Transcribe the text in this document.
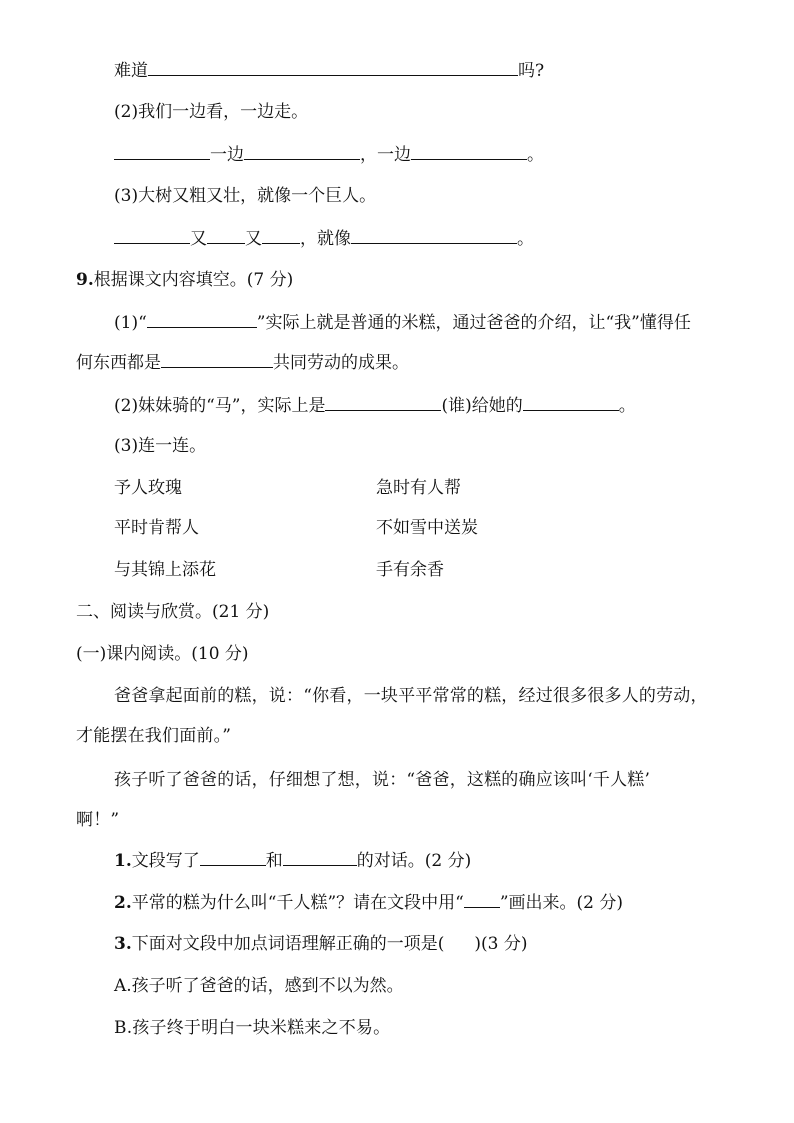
难道	吗?
(2)我们一边看，一边走。
一边	，一边	。
(3)大树又粗又壮，就像一个巨人。
又 又 ，就像	。
9.根据课文内容填空。(7 分)
(1)“	”实际上就是普通的米糕，通过爸爸的介绍，让“我”懂得任
何东西都是	共同劳动的成果。
(2)妹妹骑的“马”，实际上是	(谁)给她的	。
(3)连一连。
予人玫瑰	急时有人帮
平时肯帮人	不如雪中送炭
与其锦上添花	手有余香
二、阅读与欣赏。(21 分)
(一)课内阅读。(10 分)
爸爸拿起面前的糕，说：“你看，一块平平常常的糕，经过很多很多人的劳动，
才能摆在我们面前。”
孩子听了爸爸的话，仔细想了想，说：“爸爸，这糕的确应该叫‘千人糕’
啊！”
1.文段写了	和	的对话。(2 分)
2.平常的糕为什么叫“千人糕”？请在文段中用“ ”画出来。(2 分)
3.下面对文段中加点词语理解正确的一项是( )(3 分)
A.孩子听了爸爸的话，感到不以为然。
B.孩子终于明白一块米糕来之不易。
